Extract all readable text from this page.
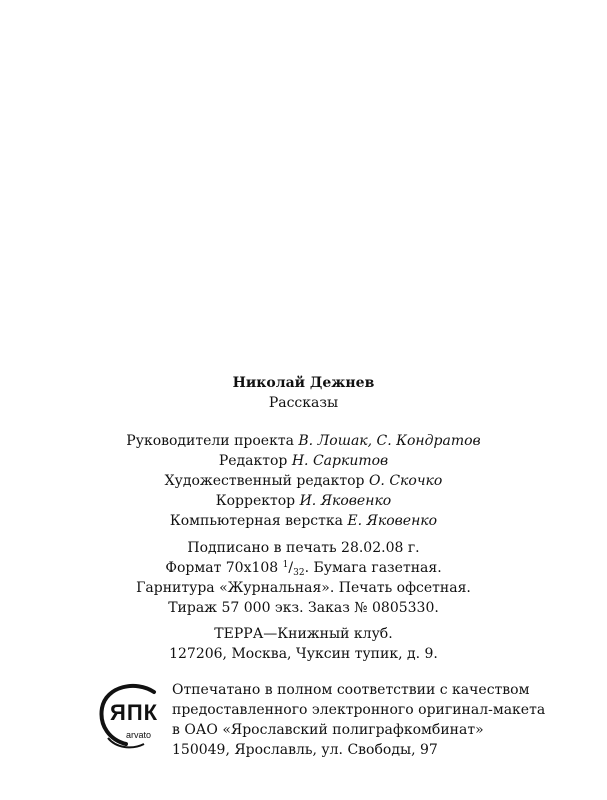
Николай Дежнев
Рассказы
Руководители проекта В. Лошак, С. Кондратов
Редактор Н. Саркитов
Художественный редактор О. Скочко
Корректор И. Яковенко
Компьютерная верстка Е. Яковенко
Подписано в печать 28.02.08 г.
Формат 70x108 $^1/_{32}$. Бумага газетная.
Гарнитура «Журнальная». Печать офсетная.
Тираж 57 000 экз. Заказ № 0805330.
ТЕРРА—Книжный клуб.
127206, Москва, Чуксин тупик, д. 9.
ЯПК
arvato
Отпечатано в полном соответствии с качеством
предоставленного электронного оригинал-макета
в ОАО «Ярославский полиграфкомбинат»
150049, Ярославль, ул. Свободы, 97
